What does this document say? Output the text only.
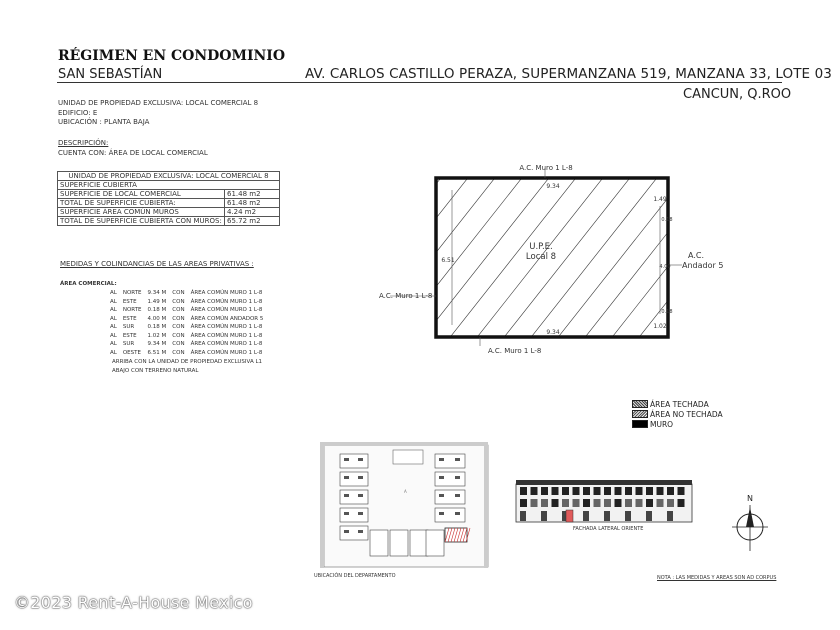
RÉGIMEN EN CONDOMINIO
SAN SEBASTÍAN	AV. CARLOS CASTILLO PERAZA, SUPERMANZANA 519, MANZANA 33, LOTE 03
CANCUN, Q.ROO
UNIDAD DE PROPIEDAD EXCLUSIVA: LOCAL COMERCIAL 8
EDIFICIO: E
UBICACIÓN : PLANTA BAJA
DESCRIPCIÓN:
CUENTA CON: ÁREA DE LOCAL COMERCIAL
UNIDAD DE PROPIEDAD EXCLUSIVA: LOCAL COMERCIAL 8	
SUPERFICIE CUBIERTA	
SUPERFICIE DE LOCAL COMERCIAL	61.48 m2
TOTAL DE SUPERFICIE CUBIERTA:	61.48 m2
SUPERFICIE ÁREA COMÚN MUROS	4.24 m2
TOTAL DE SUPERFICIE CUBIERTA CON MUROS:	65.72 m2
MEDIDAS Y COLINDANCIAS DE LAS AREAS PRIVATIVAS :
ÁREA COMERCIAL:
AL	NORTE	9.34 M	CON	ÁREA COMÚN MURO 1 L-8
AL	ESTE	1.49 M	CON	ÁREA COMÚN MURO 1 L-8
AL	NORTE	0.18 M	CON	ÁREA COMÚN MURO 1 L-8
AL	ESTE	4.00 M	CON	ÁREA COMÚN ANDADOR 5
AL	SUR	0.18 M	CON	ÁREA COMÚN MURO 1 L-8
AL	ESTE	1.02 M	CON	ÁREA COMÚN MURO 1 L-8
AL	SUR	9.34 M	CON	ÁREA COMÚN MURO 1 L-8
AL	OESTE	6.51 M	CON	ÁREA COMÚN MURO 1 L-8
ARRIBA CON LA UNIDAD DE PROPIEDAD EXCLUSIVA L1
ABAJO CON TERRENO NATURAL
A.C. Muro 1 L-8
9.34
9.34
6.51
1.49
0.18
4.00
0.18
1.02
U.P.E.
Local 8
A.C. Muro 1 L-8
A.C. Muro 1 L-8
A.C.
Andador 5
ÁREA TECHADA
ÁREA NO TECHADA
MURO
A
UBICACIÓN DEL DEPARTAMENTO
FACHADA LATERAL ORIENTE
N
NOTA : LAS MEDIDAS Y AREAS SON AD CORPUS
©2023 Rent-A-House Mexico
